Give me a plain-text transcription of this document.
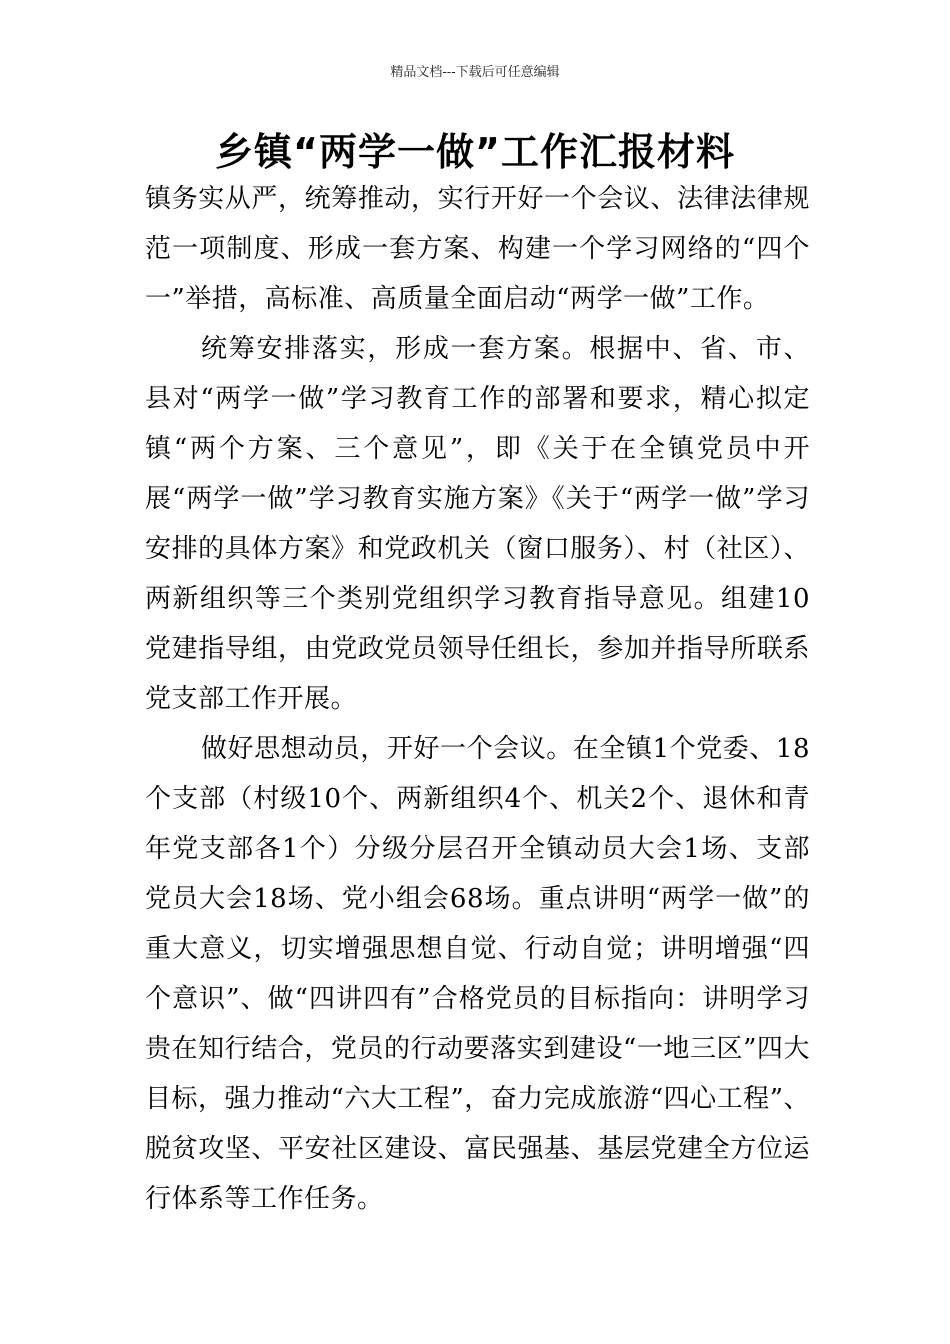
精品文档---下载后可任意编辑
乡镇“两学一做”工作汇报材料

镇务实从严，统筹推动，实行开好一个会议、法律法律规范一项制度、形成一套方案、构建一个学习网络的“四个一”举措，高标准、高质量全面启动“两学一做”工作。

统筹安排落实，形成一套方案。根据中、省、市、县对“两学一做”学习教育工作的部署和要求，精心拟定镇“两个方案、三个意见”，即《关于在全镇党员中开展“两学一做”学习教育实施方案》《关于“两学一做”学习安排的具体方案》和党政机关（窗口服务）、村（社区）、两新组织等三个类别党组织学习教育指导意见。组建10党建指导组，由党政党员领导任组长，参加并指导所联系党支部工作开展。

做好思想动员，开好一个会议。在全镇1个党委、18个支部（村级10个、两新组织4个、机关2个、退休和青年党支部各1个）分级分层召开全镇动员大会1场、支部党员大会18场、党小组会68场。重点讲明“两学一做”的重大意义，切实增强思想自觉、行动自觉；讲明增强“四个意识”、做“四讲四有”合格党员的目标指向：讲明学习贵在知行结合，党员的行动要落实到建设“一地三区”四大目标，强力推动“六大工程”，奋力完成旅游“四心工程”、脱贫攻坚、平安社区建设、富民强基、基层党建全方位运行体系等工作任务。
